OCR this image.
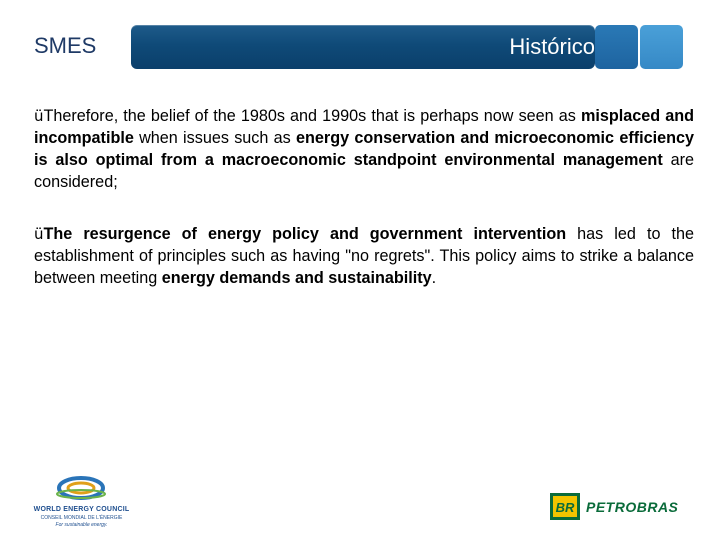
SMES	Histórico

üTherefore, the belief of the 1980s and 1990s that is perhaps now seen as misplaced and incompatible when issues such as energy conservation and microeconomic efficiency is also optimal from a macroeconomic standpoint environmental management are considered;

üThe resurgence of energy policy and government intervention has led to the establishment of principles such as having "no regrets". This policy aims to strike a balance between meeting energy demands and sustainability.

WORLD ENERGY COUNCIL
CONSEIL MONDIAL DE L'ÉNERGIE
For sustainable energy.
BR PETROBRAS
